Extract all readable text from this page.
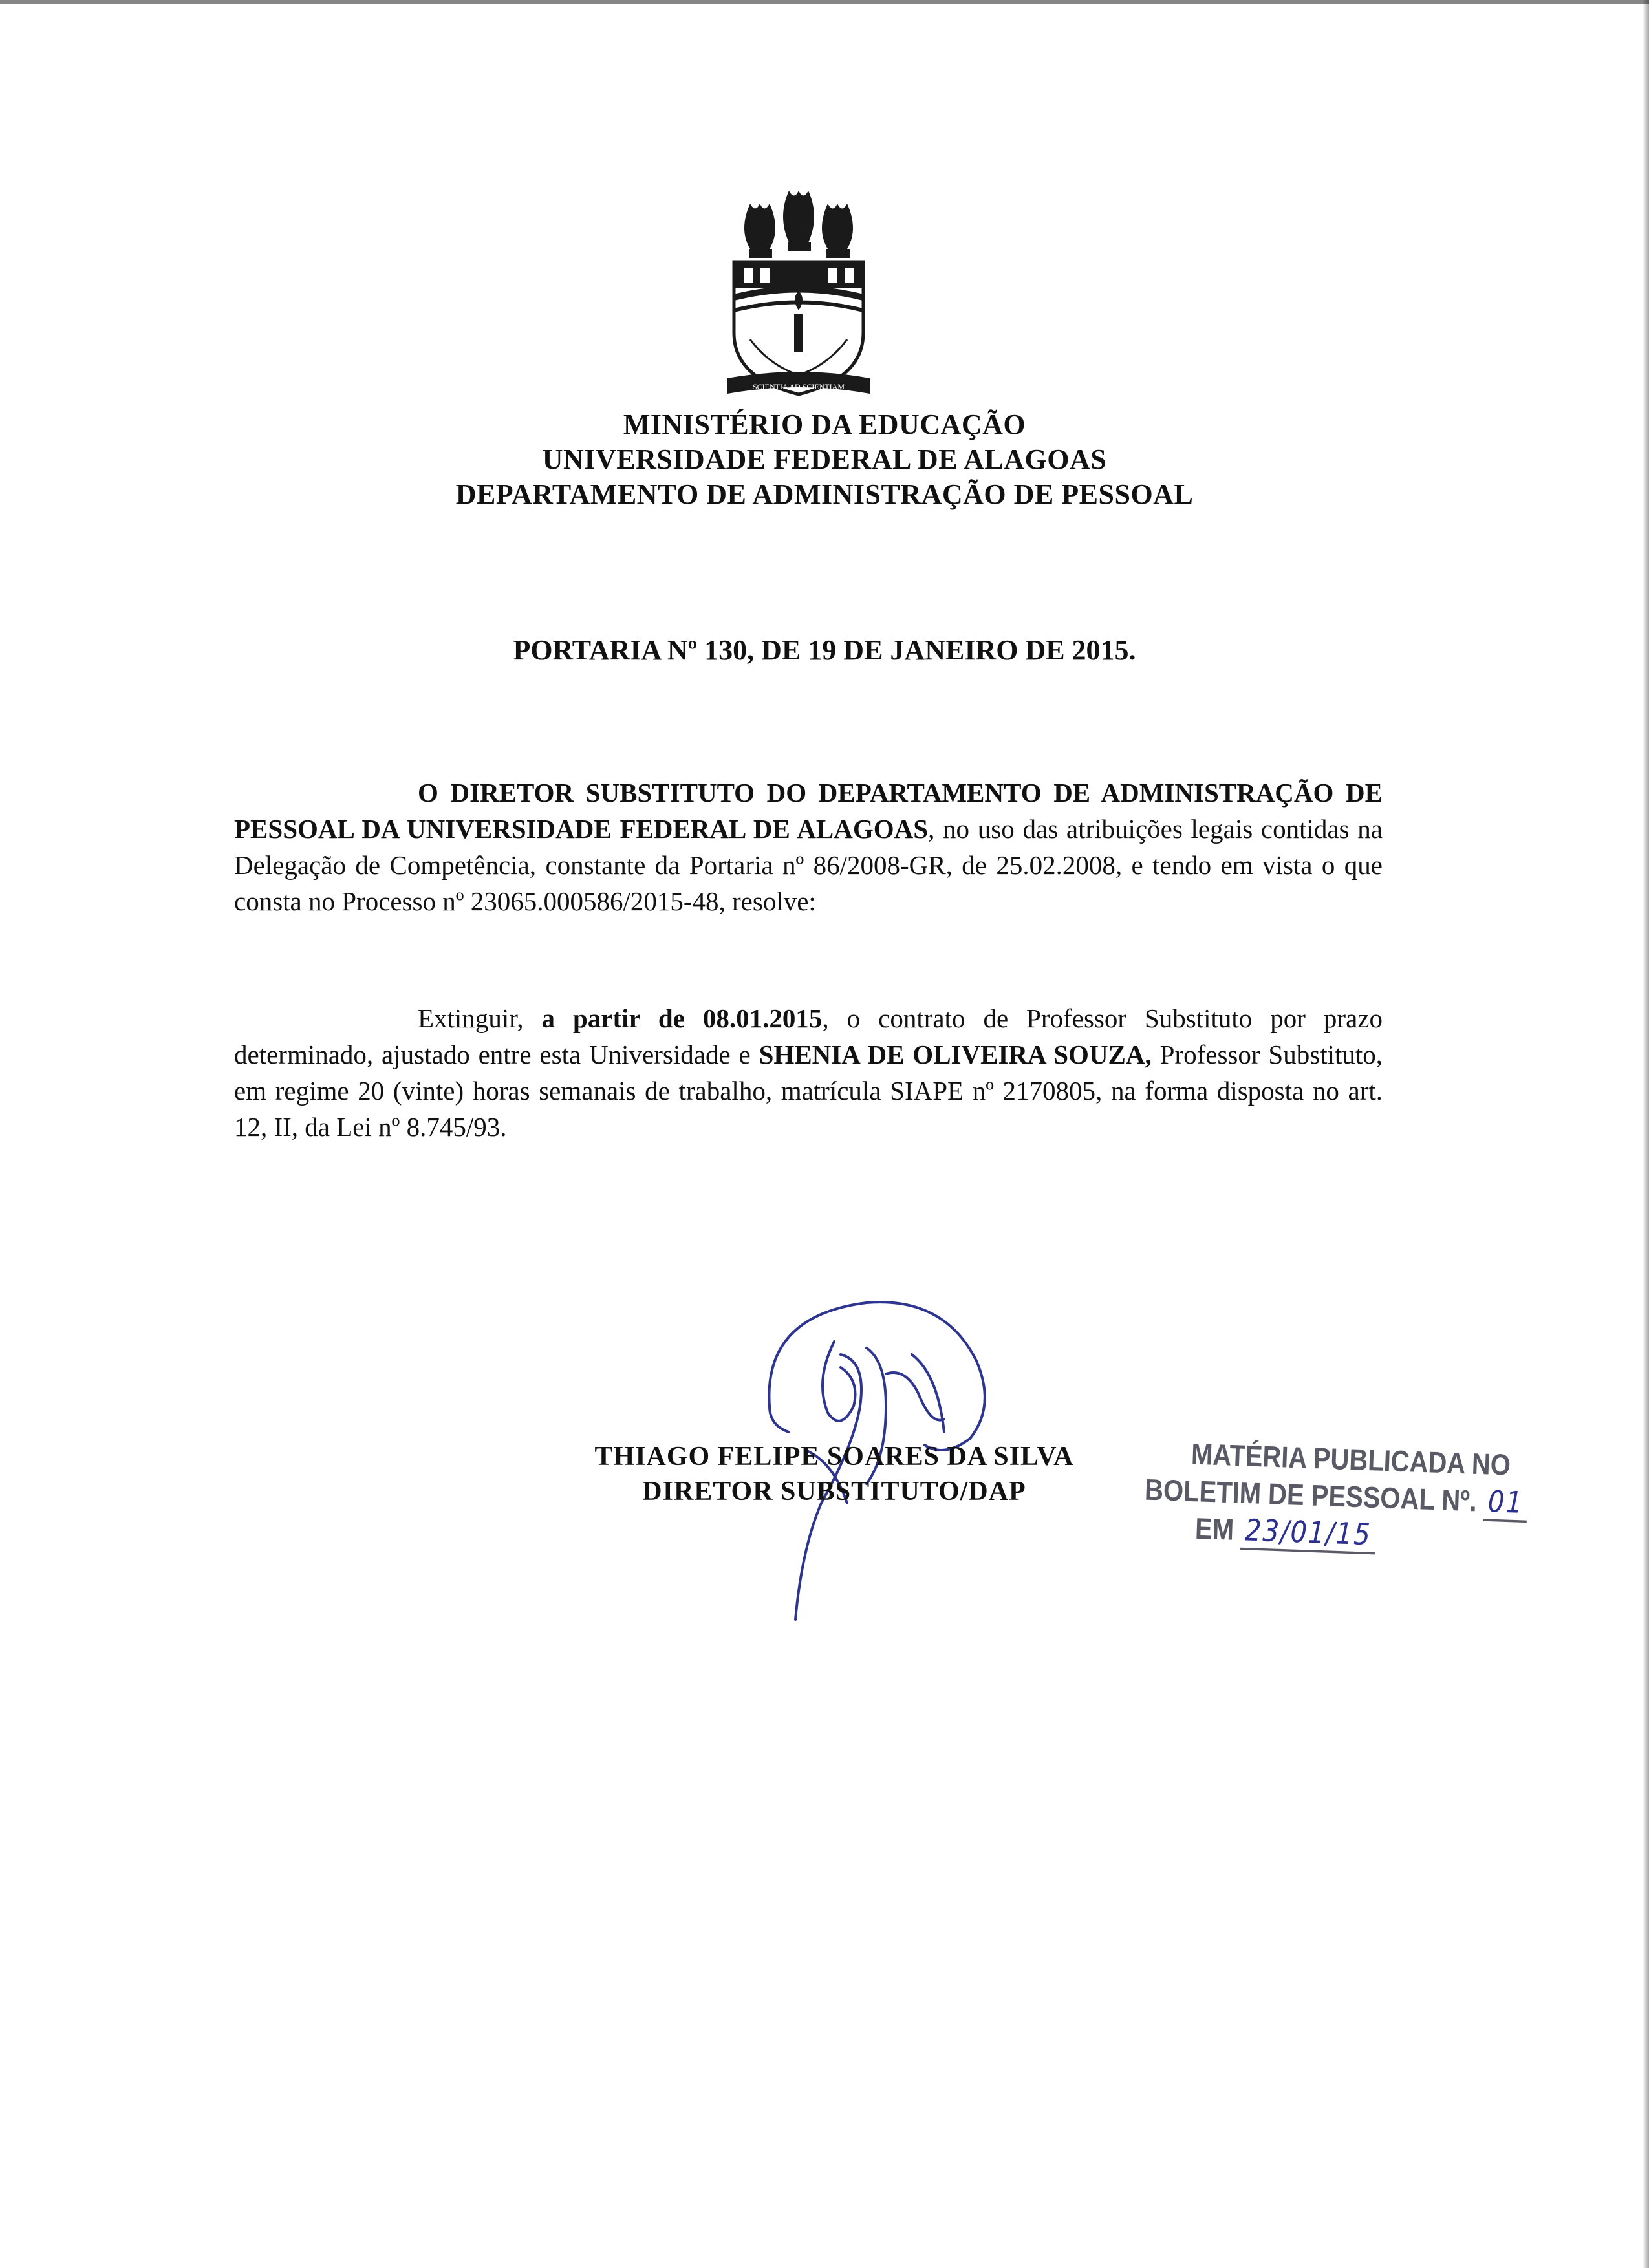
SCIENTIA AD SCIENTIAM
MINISTÉRIO DA EDUCAÇÃO
UNIVERSIDADE FEDERAL DE ALAGOAS
DEPARTAMENTO DE ADMINISTRAÇÃO DE PESSOAL
PORTARIA Nº 130, DE 19 DE JANEIRO DE 2015.
O DIRETOR SUBSTITUTO DO DEPARTAMENTO DE ADMINISTRAÇÃO DE PESSOAL DA UNIVERSIDADE FEDERAL DE ALAGOAS, no uso das atribuições legais contidas na Delegação de Competência, constante da Portaria nº 86/2008-GR, de 25.02.2008, e tendo em vista o que consta no Processo nº 23065.000586/2015-48, resolve:
Extinguir, a partir de 08.01.2015, o contrato de Professor Substituto por prazo determinado, ajustado entre esta Universidade e SHENIA DE OLIVEIRA SOUZA, Professor Substituto, em regime 20 (vinte) horas semanais de trabalho, matrícula SIAPE nº 2170805, na forma disposta no art. 12, II, da Lei nº 8.745/93.
THIAGO FELIPE SOARES DA SILVA
DIRETOR SUBSTITUTO/DAP
MATÉRIA PUBLICADA NO
BOLETIM DE PESSOAL Nº. 01
EM 23/01/15
